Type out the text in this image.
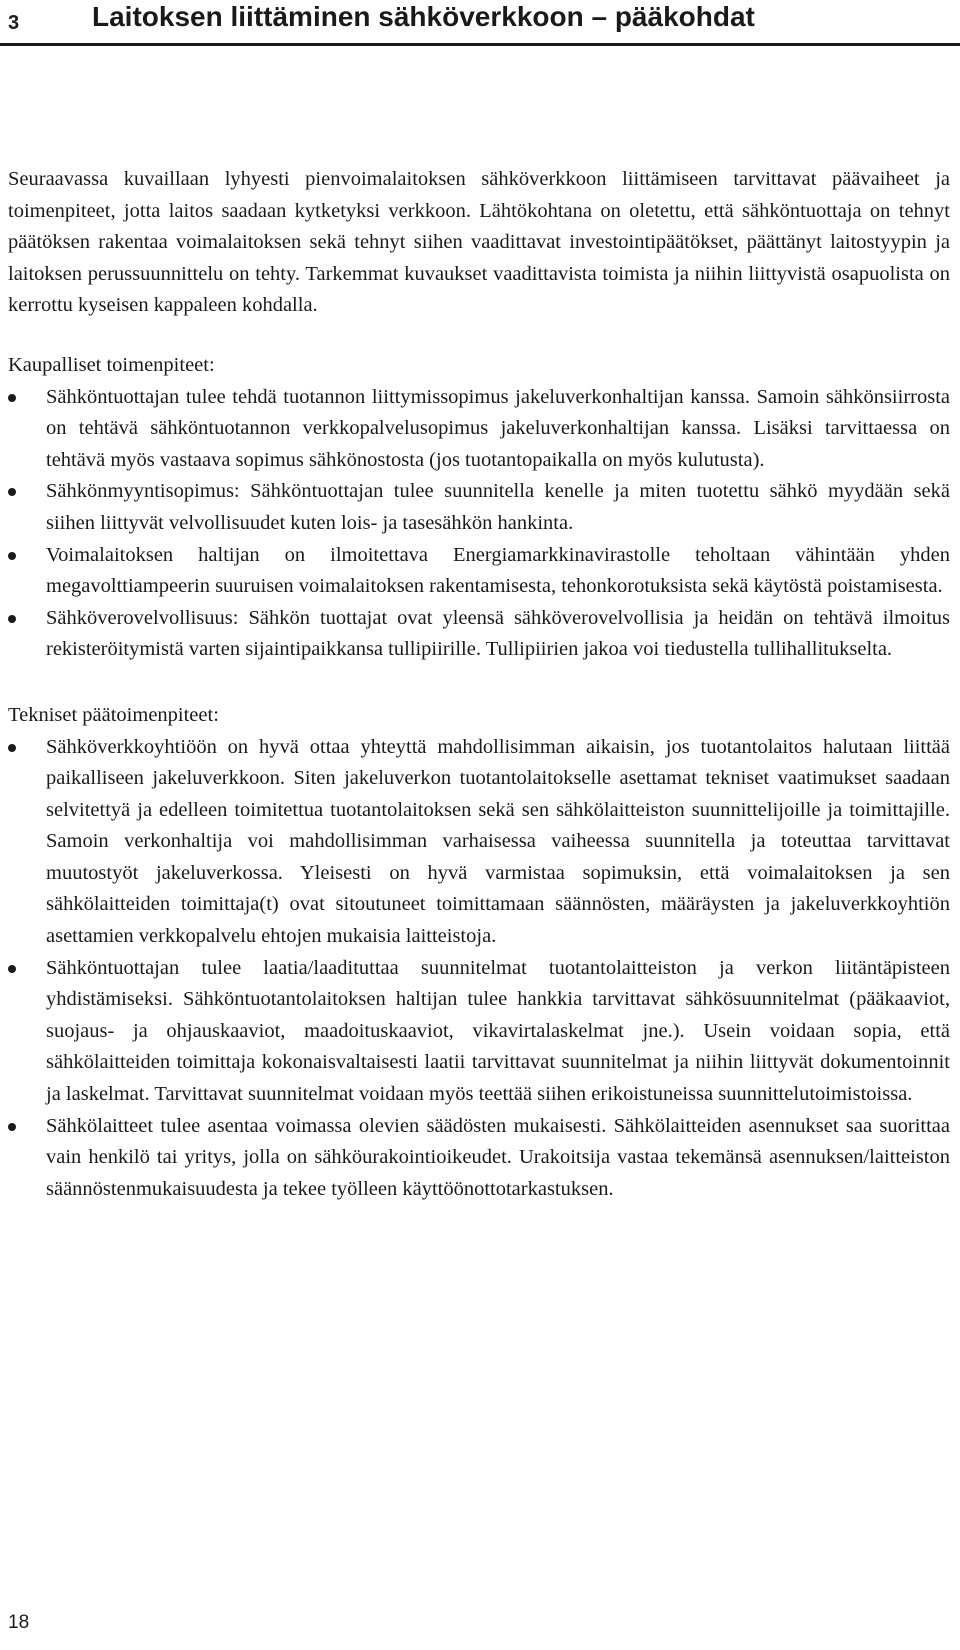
3	Laitoksen liittäminen sähköverkkoon – pääkohdat

Seuraavassa kuvaillaan lyhyesti pienvoimalaitoksen sähköverkkoon liittämiseen tarvittavat päävaiheet ja toimenpiteet, jotta laitos saadaan kytketyksi verkkoon. Lähtökohtana on oletettu, että sähköntuottaja on tehnyt päätöksen rakentaa voimalaitoksen sekä tehnyt siihen vaadittavat investointipäätökset, päättänyt laitostyypin ja laitoksen perussuunnittelu on tehty. Tarkemmat kuvaukset vaadittavista toimista ja niihin liittyvistä osapuolista on kerrottu kyseisen kappaleen kohdalla.

Kaupalliset toimenpiteet:

Sähköntuottajan tulee tehdä tuotannon liittymissopimus jakeluverkonhaltijan kanssa. Samoin sähkönsiirrosta on tehtävä sähköntuotannon verkkopalvelusopimus jakeluverkonhaltijan kanssa. Lisäksi tarvittaessa on tehtävä myös vastaava sopimus sähkönostosta (jos tuotantopaikalla on myös kulutusta).
Sähkönmyyntisopimus: Sähköntuottajan tulee suunnitella kenelle ja miten tuotettu sähkö myydään sekä siihen liittyvät velvollisuudet kuten lois- ja tasesähkön hankinta.
Voimalaitoksen haltijan on ilmoitettava Energiamarkkinavirastolle teholtaan vähintään yhden megavolttiampeerin suuruisen voimalaitoksen rakentamisesta, tehonkorotuksista sekä käytöstä poistamisesta.
Sähköverovelvollisuus: Sähkön tuottajat ovat yleensä sähköverovelvollisia ja heidän on tehtävä ilmoitus rekisteröitymistä varten sijaintipaikkansa tullipiirille. Tullipiirien jakoa voi tiedustella tullihallitukselta.

Tekniset päätoimenpiteet:

Sähköverkkoyhtiöön on hyvä ottaa yhteyttä mahdollisimman aikaisin, jos tuotantolaitos halutaan liittää paikalliseen jakeluverkkoon. Siten jakeluverkon tuotantolaitokselle asettamat tekniset vaatimukset saadaan selvitettyä ja edelleen toimitettua tuotantolaitoksen sekä sen sähkölaitteiston suunnittelijoille ja toimittajille. Samoin verkonhaltija voi mahdollisimman varhaisessa vaiheessa suunnitella ja toteuttaa tarvittavat muutostyöt jakeluverkossa. Yleisesti on hyvä varmistaa sopimuksin, että voimalaitoksen ja sen sähkölaitteiden toimittaja(t) ovat sitoutuneet toimittamaan säännösten, määräysten ja jakeluverkkoyhtiön asettamien verkkopalvelu ehtojen mukaisia laitteistoja.
Sähköntuottajan tulee laatia/laadituttaa suunnitelmat tuotantolaitteiston ja verkon liitäntäpisteen yhdistämiseksi. Sähköntuotantolaitoksen haltijan tulee hankkia tarvittavat sähkösuunnitelmat (pääkaaviot, suojaus- ja ohjauskaaviot, maadoituskaaviot, vikavirtalaskelmat jne.). Usein voidaan sopia, että sähkölaitteiden toimittaja kokonaisvaltaisesti laatii tarvittavat suunnitelmat ja niihin liittyvät dokumentoinnit ja laskelmat. Tarvittavat suunnitelmat voidaan myös teettää siihen erikoistuneissa suunnittelutoimistoissa.
Sähkölaitteet tulee asentaa voimassa olevien säädösten mukaisesti. Sähkölaitteiden asennukset saa suorittaa vain henkilö tai yritys, jolla on sähköurakointioikeudet. Urakoitsija vastaa tekemänsä asennuksen/laitteiston säännöstenmukaisuudesta ja tekee työlleen käyttöönottotarkastuksen.
18
